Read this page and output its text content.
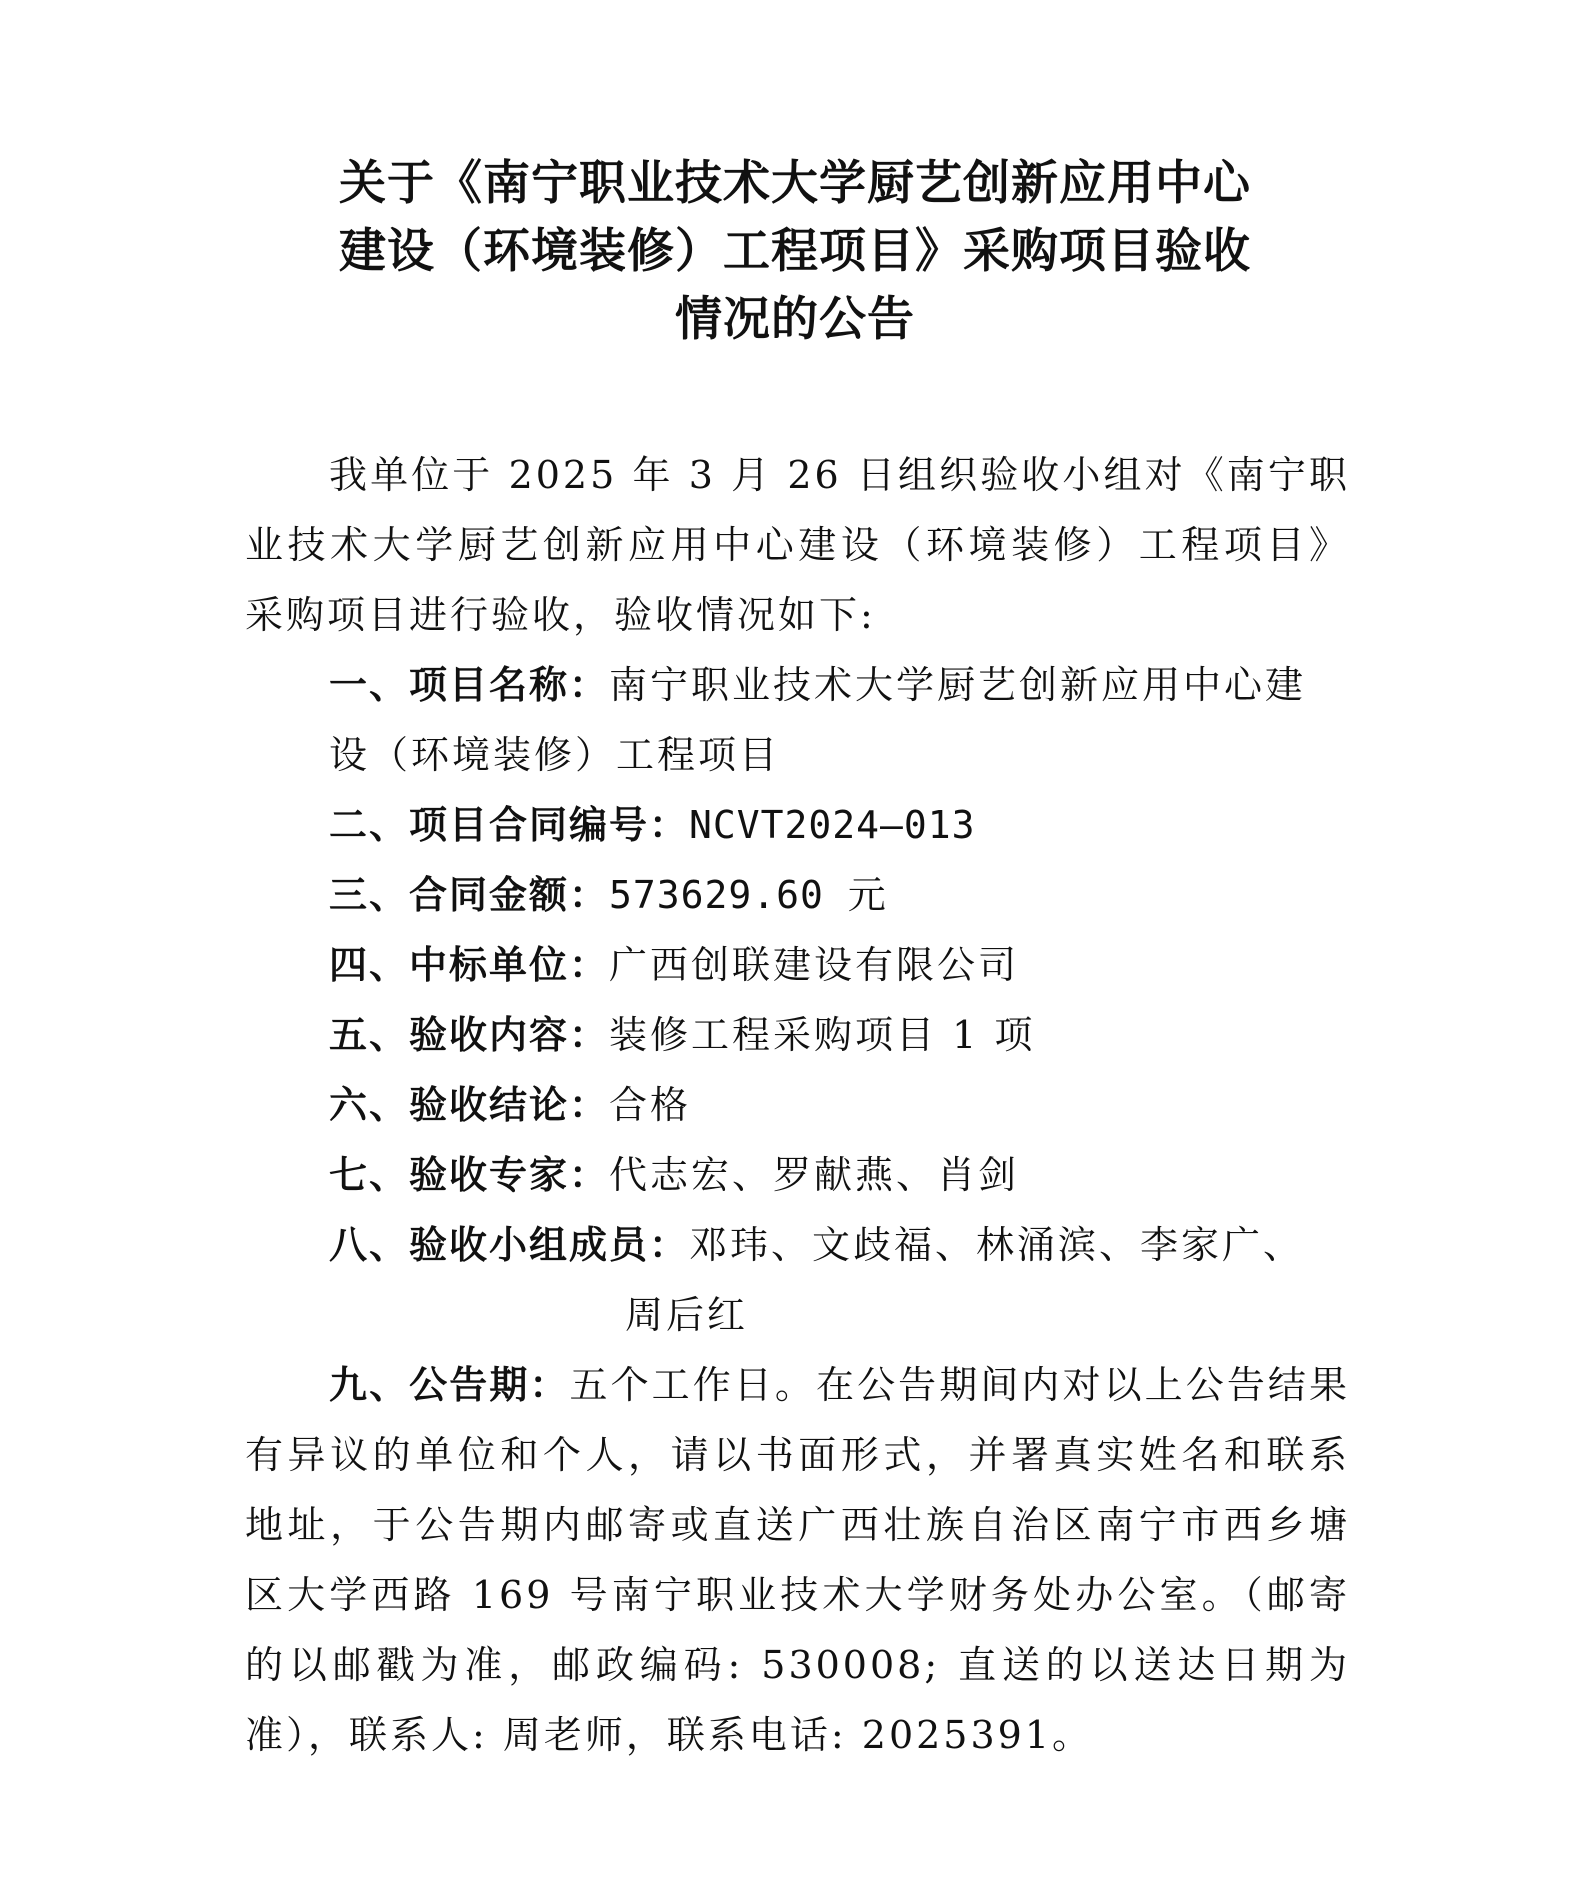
关于《南宁职业技术大学厨艺创新应用中心
建设（环境装修）工程项目》采购项目验收
情况的公告

我单位于 2025 年 3 月 26 日组织验收小组对《南宁职业技术大学厨艺创新应用中心建设（环境装修）工程项目》采购项目进行验收，验收情况如下:

一、项目名称：南宁职业技术大学厨艺创新应用中心建

设（环境装修）工程项目

二、项目合同编号：NCVT2024—013

三、合同金额：573629.60 元

四、中标单位：广西创联建设有限公司

五、验收内容：装修工程采购项目 1 项

六、验收结论：合格

七、验收专家：代志宏、罗献燕、肖剑

八、验收小组成员：邓玮、文歧福、林涌滨、李家广、

周后红

九、公告期：五个工作日。在公告期间内对以上公告结果有异议的单位和个人，请以书面形式，并署真实姓名和联系地址，于公告期内邮寄或直送广西壮族自治区南宁市西乡塘区大学西路 169 号南宁职业技术大学财务处办公室。（邮寄的以邮戳为准，邮政编码: 530008; 直送的以送达日期为准），联系人: 周老师，联系电话: 2025391。
